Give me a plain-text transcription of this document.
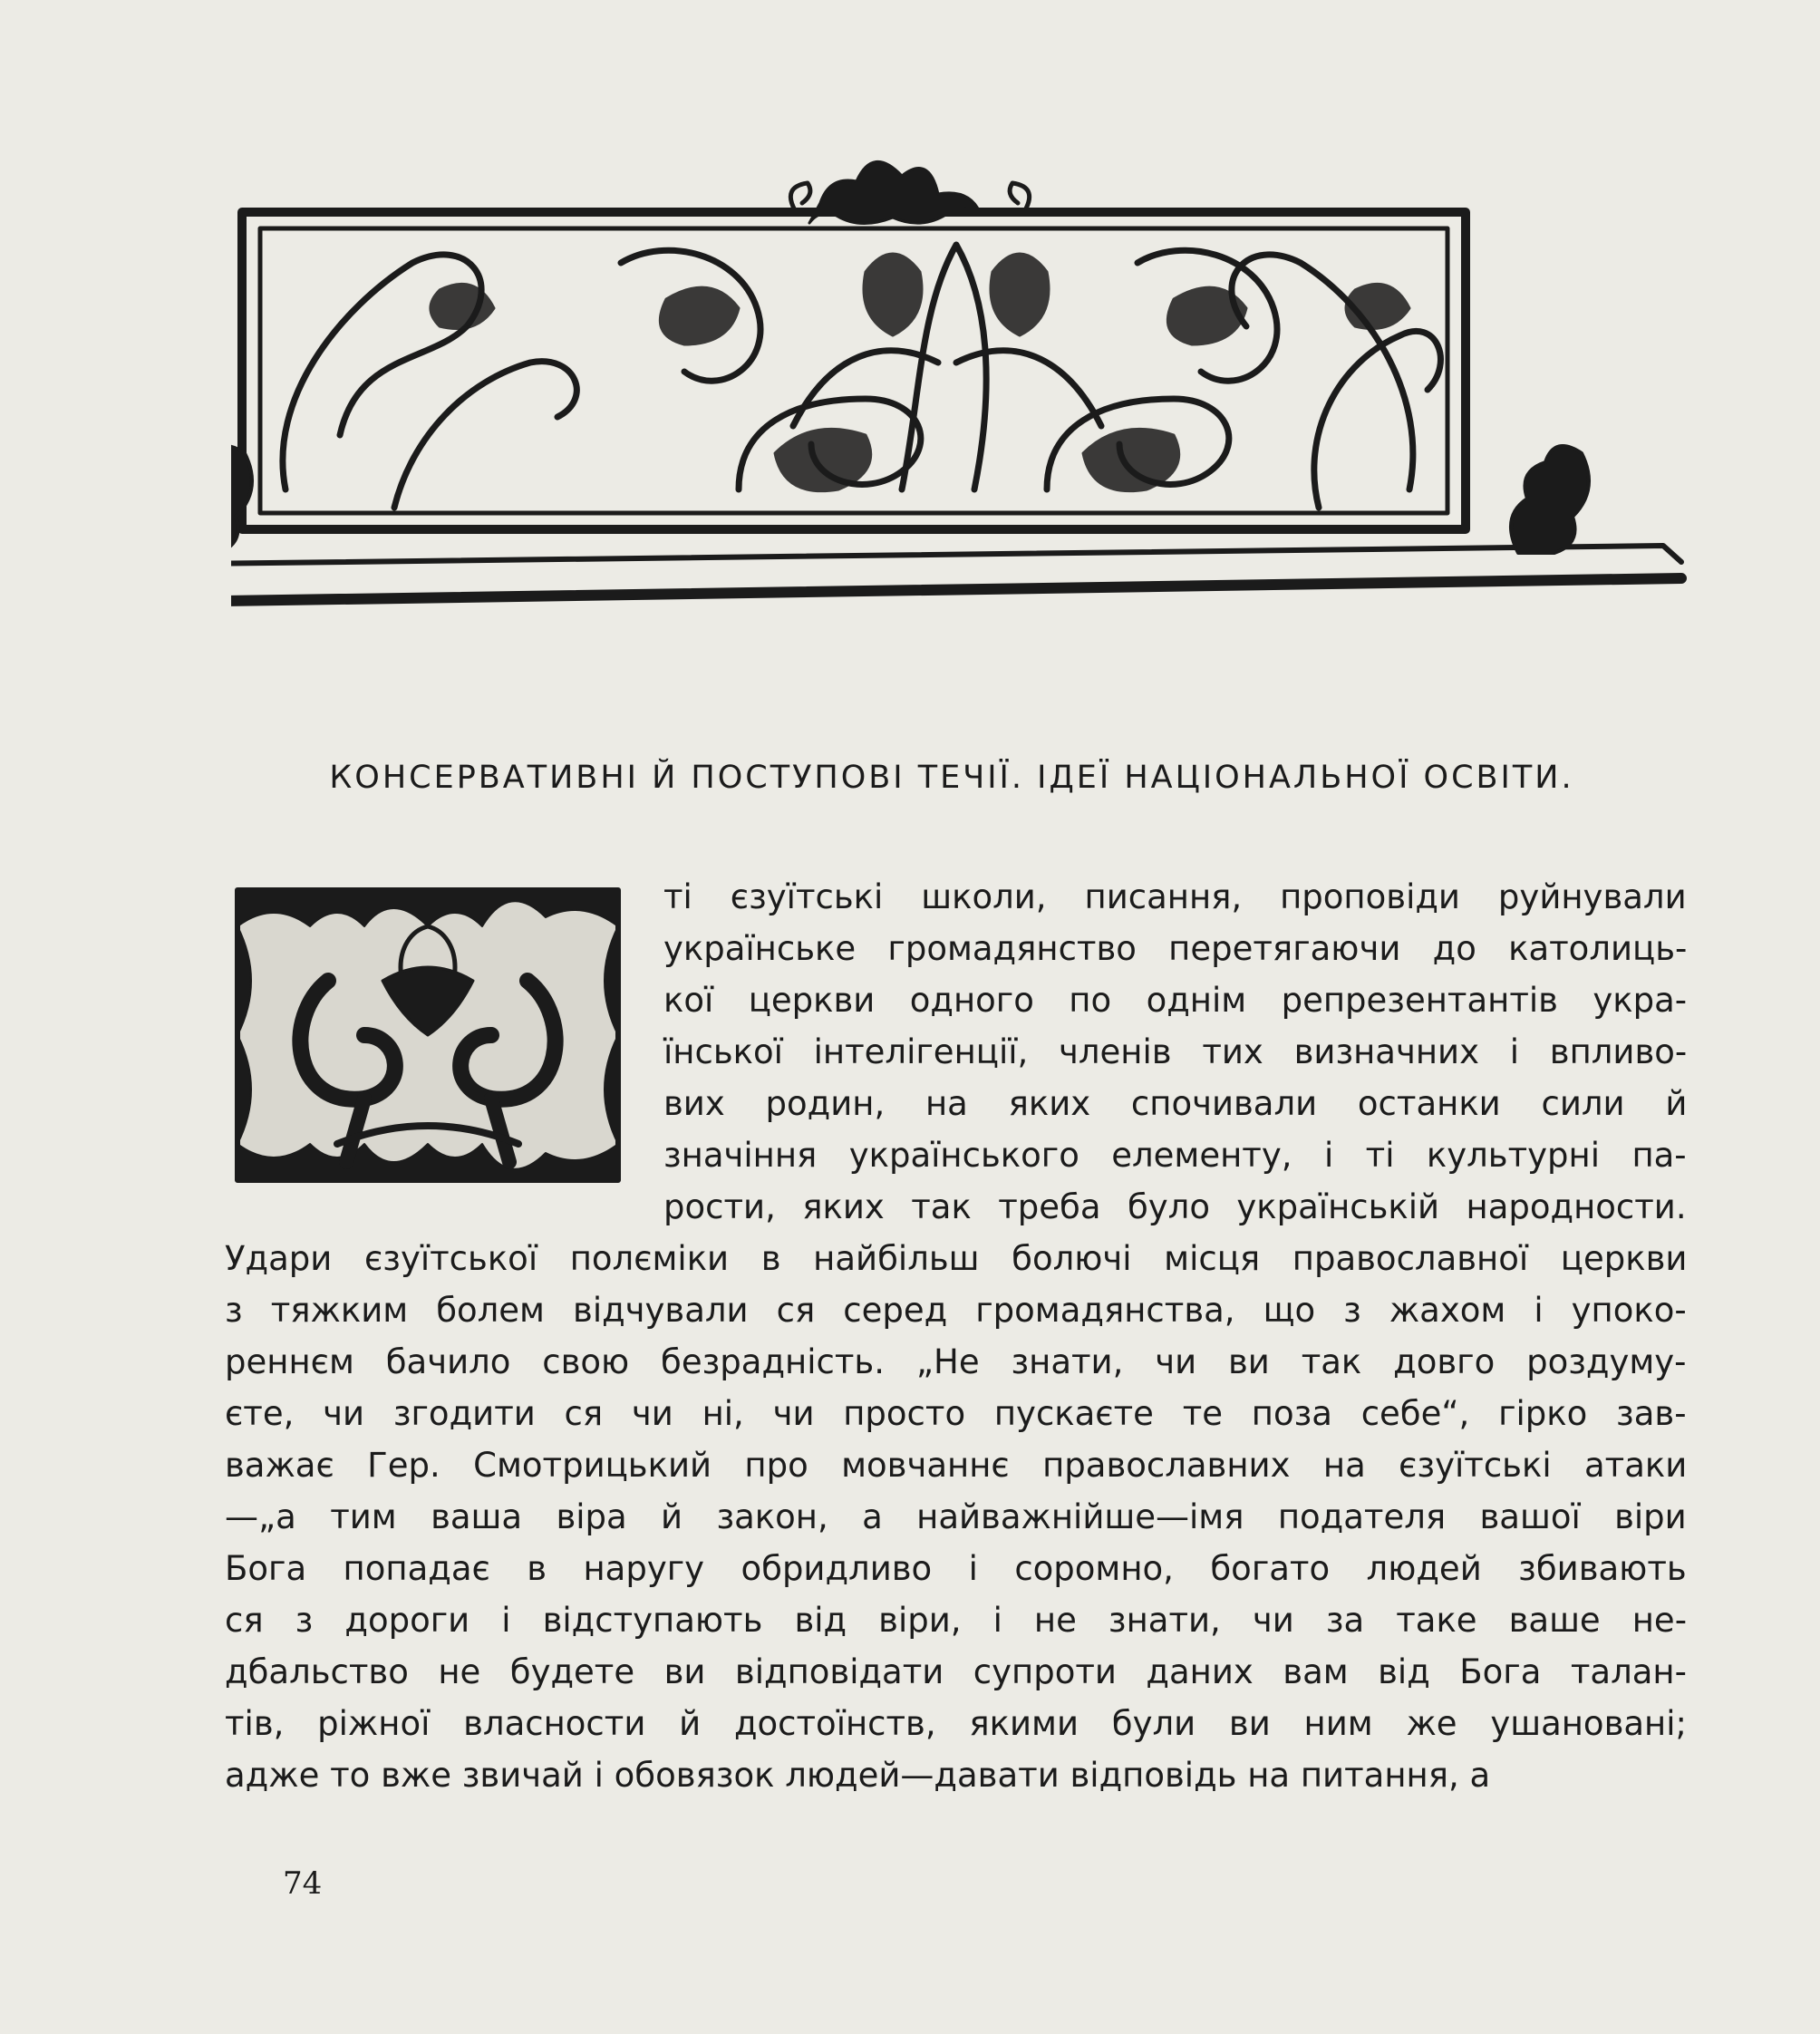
КОНСЕРВАТИВНІ Й ПОСТУПОВІ ТЕЧІЇ. ІДЕЇ НАЦІОНАЛЬНОЇ ОСВІТИ.
ті єзуїтські школи, писання, проповіди руйнували
українське громадянство перетягаючи до католиць-
кої церкви одного по однім репрезентантів укра-
їнської інтелігенції, членів тих визначних і впливо-
вих родин, на яких спочивали останки сили й
значіння українського елементу, і ті культурні па-
рости, яких так треба було українській народности.
Удари єзуїтської полєміки в найбільш болючі місця православної церкви
з тяжким болем відчували ся серед громадянства, що з жахом і упоко-
реннєм бачило свою безрадність. „Не знати, чи ви так довго роздуму-
єте, чи згодити ся чи ні, чи просто пускаєте те поза себе“, гірко зав-
важає Гер. Смотрицький про мовчаннє православних на єзуїтські атаки
—„а тим ваша віра й закон, а найважнійше—імя подателя вашої віри
Бога попадає в наругу обридливо і соромно, богато людей збивають
ся з дороги і відступають від віри, і не знати, чи за таке ваше не-
дбальство не будете ви відповідати супроти даних вам від Бога талан-
тів, ріжної власности й достоїнств, якими були ви ним же ушановані;
адже то вже звичай і обовязок людей—давати відповідь на питання, а
74
